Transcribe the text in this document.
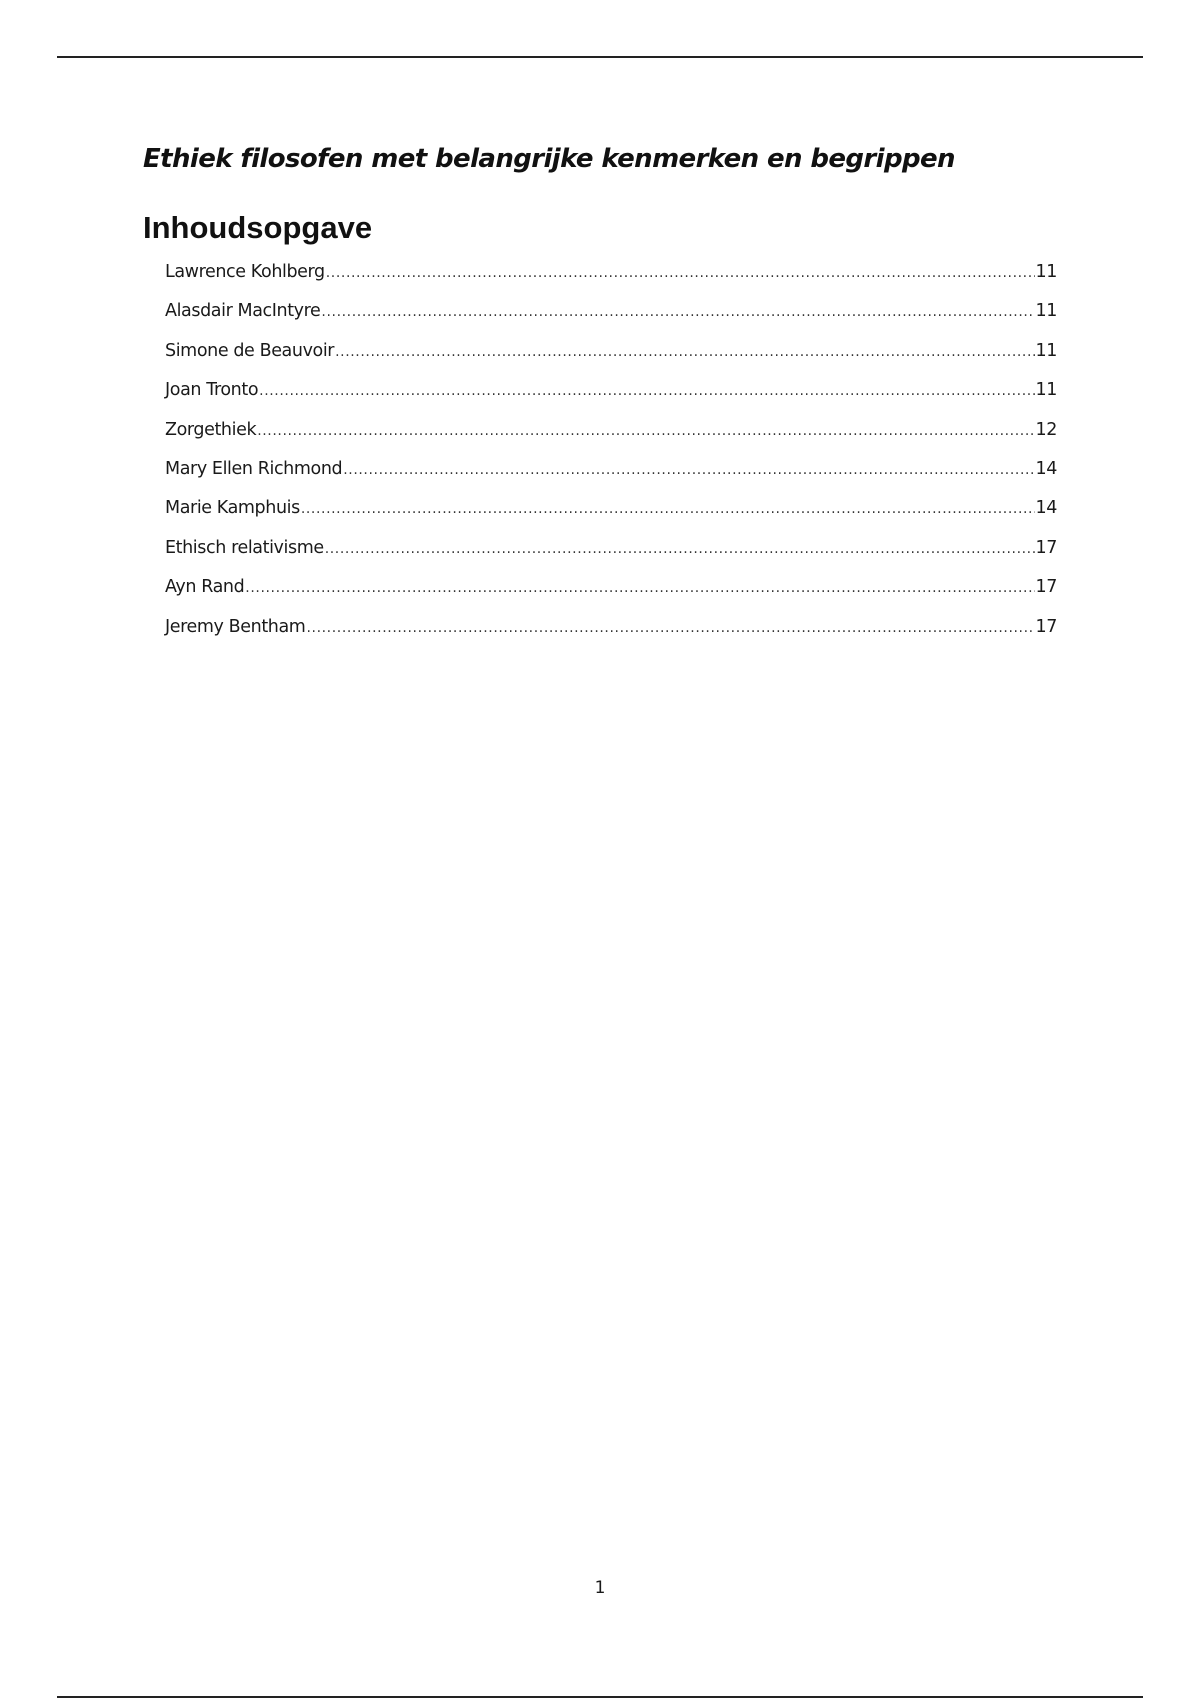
Ethiek filosofen met belangrijke kenmerken en begrippen
Inhoudsopgave
Lawrence Kohlberg .....	11
Alasdair MacIntyre .....	11
Simone de Beauvoir .....	11
Joan Tronto .....	11
Zorgethiek .....	12
Mary Ellen Richmond .....	14
Marie Kamphuis .....	14
Ethisch relativisme .....	17
Ayn Rand .....	17
Jeremy Bentham .....	17
1
